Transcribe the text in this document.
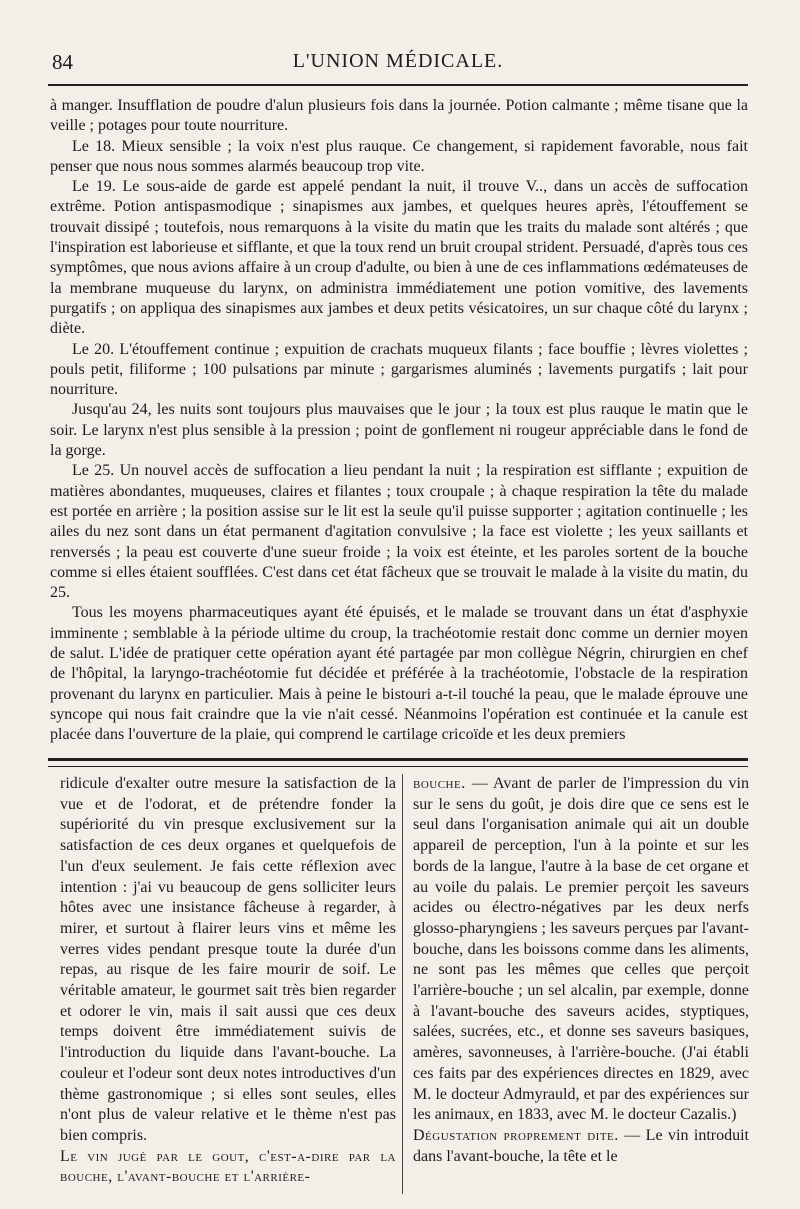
84	L'UNION MÉDICALE.

à manger. Insufflation de poudre d'alun plusieurs fois dans la journée. Potion calmante ; même tisane que la veille ; potages pour toute nourriture.

Le 18. Mieux sensible ; la voix n'est plus rauque. Ce changement, si rapidement favorable, nous fait penser que nous nous sommes alarmés beaucoup trop vite.

Le 19. Le sous-aide de garde est appelé pendant la nuit, il trouve V.., dans un accès de suffocation extrême. Potion antispasmodique ; sinapismes aux jambes, et quelques heures après, l'étouffement se trouvait dissipé ; toutefois, nous remarquons à la visite du matin que les traits du malade sont altérés ; que l'inspiration est laborieuse et sifflante, et que la toux rend un bruit croupal strident. Persuadé, d'après tous ces symptômes, que nous avions affaire à un croup d'adulte, ou bien à une de ces inflammations œdémateuses de la membrane muqueuse du larynx, on administra immédiatement une potion vomitive, des lavements purgatifs ; on appliqua des sinapismes aux jambes et deux petits vésicatoires, un sur chaque côté du larynx ; diète.

Le 20. L'étouffement continue ; expuition de crachats muqueux filants ; face bouffie ; lèvres violettes ; pouls petit, filiforme ; 100 pulsations par minute ; gargarismes aluminés ; lavements purgatifs ; lait pour nourriture.

Jusqu'au 24, les nuits sont toujours plus mauvaises que le jour ; la toux est plus rauque le matin que le soir. Le larynx n'est plus sensible à la pression ; point de gonflement ni rougeur appréciable dans le fond de la gorge.

Le 25. Un nouvel accès de suffocation a lieu pendant la nuit ; la respiration est sifflante ; expuition de matières abondantes, muqueuses, claires et filantes ; toux croupale ; à chaque respiration la tête du malade est portée en arrière ; la position assise sur le lit est la seule qu'il puisse supporter ; agitation continuelle ; les ailes du nez sont dans un état permanent d'agitation convulsive ; la face est violette ; les yeux saillants et renversés ; la peau est couverte d'une sueur froide ; la voix est éteinte, et les paroles sortent de la bouche comme si elles étaient soufflées. C'est dans cet état fâcheux que se trouvait le malade à la visite du matin, du 25.

Tous les moyens pharmaceutiques ayant été épuisés, et le malade se trouvant dans un état d'asphyxie imminente ; semblable à la période ultime du croup, la trachéotomie restait donc comme un dernier moyen de salut. L'idée de pratiquer cette opération ayant été partagée par mon collègue Négrin, chirurgien en chef de l'hôpital, la laryngo-trachéotomie fut décidée et préférée à la trachéotomie, l'obstacle de la respiration provenant du larynx en particulier. Mais à peine le bistouri a-t-il touché la peau, que le malade éprouve une syncope qui nous fait craindre que la vie n'ait cessé. Néanmoins l'opération est continuée et la canule est placée dans l'ouverture de la plaie, qui comprend le cartilage cricoïde et les deux premiers

ridicule d'exalter outre mesure la satisfaction de la vue et de l'odorat, et de prétendre fonder la supériorité du vin presque exclusivement sur la satisfaction de ces deux organes et quelquefois de l'un d'eux seulement. Je fais cette réflexion avec intention : j'ai vu beaucoup de gens solliciter leurs hôtes avec une insistance fâcheuse à regarder, à mirer, et surtout à flairer leurs vins et même les verres vides pendant presque toute la durée d'un repas, au risque de les faire mourir de soif. Le véritable amateur, le gourmet sait très bien regarder et odorer le vin, mais il sait aussi que ces deux temps doivent être immédiatement suivis de l'introduction du liquide dans l'avant-bouche. La couleur et l'odeur sont deux notes introductives d'un thème gastronomique ; si elles sont seules, elles n'ont plus de valeur relative et le thème n'est pas bien compris.

Le vin jugé par le gout, c'est-a-dire par la bouche, l'avant-bouche et l'arrière-

bouche. — Avant de parler de l'impression du vin sur le sens du goût, je dois dire que ce sens est le seul dans l'organisation animale qui ait un double appareil de perception, l'un à la pointe et sur les bords de la langue, l'autre à la base de cet organe et au voile du palais. Le premier perçoit les saveurs acides ou électro-négatives par les deux nerfs glosso-pharyngiens ; les saveurs perçues par l'avant-bouche, dans les boissons comme dans les aliments, ne sont pas les mêmes que celles que perçoit l'arrière-bouche ; un sel alcalin, par exemple, donne à l'avant-bouche des saveurs acides, styptiques, salées, sucrées, etc., et donne ses saveurs basiques, amères, savonneuses, à l'arrière-bouche. (J'ai établi ces faits par des expériences directes en 1829, avec M. le docteur Admyrauld, et par des expériences sur les animaux, en 1833, avec M. le docteur Cazalis.)

Dégustation proprement dite. — Le vin introduit dans l'avant-bouche, la tête et le
